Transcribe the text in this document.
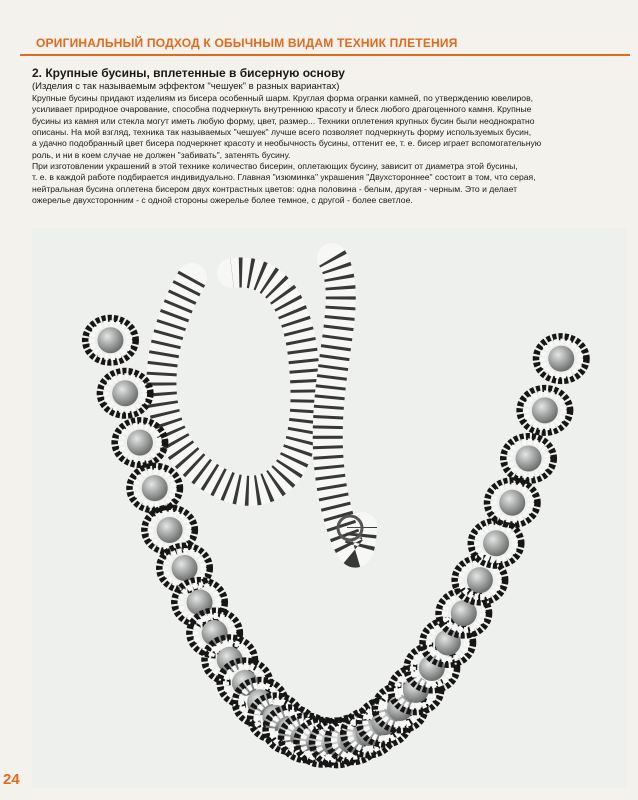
ОРИГИНАЛЬНЫЙ ПОДХОД К ОБЫЧНЫМ ВИДАМ ТЕХНИК ПЛЕТЕНИЯ
2. Крупные бусины, вплетенные в бисерную основу
(Изделия с так называемым эффектом "чешуек" в разных вариантах)

Крупные бусины придают изделиям из бисера особенный шарм. Круглая форма огранки камней, по утверждению ювелиров,
усиливает природное очарование, способна подчеркнуть внутреннюю красоту и блеск любого драгоценного камня. Крупные
бусины из камня или стекла могут иметь любую форму, цвет, размер... Техники оплетения крупных бусин были неоднократно
описаны. На мой взгляд, техника так называемых "чешуек" лучше всего позволяет подчеркнуть форму используемых бусин,
а удачно подобранный цвет бисера подчеркнет красоту и необычность бусины, оттенит ее, т. е. бисер играет вспомогательную
роль, и ни в коем случае не должен "забивать", затенять бусину.

При изготовлении украшений в этой технике количество бисерин, оплетающих бусину, зависит от диаметра этой бусины,
т. е. в каждой работе подбирается индивидуально. Главная "изюминка" украшения "Двухстороннее" состоит в том, что серая,
нейтральная бусина оплетена бисером двух контрастных цветов: одна половина - белым, другая - черным. Это и делает
ожерелье двухсторонним - с одной стороны ожерелье более темное, с другой - более светлое.

24
